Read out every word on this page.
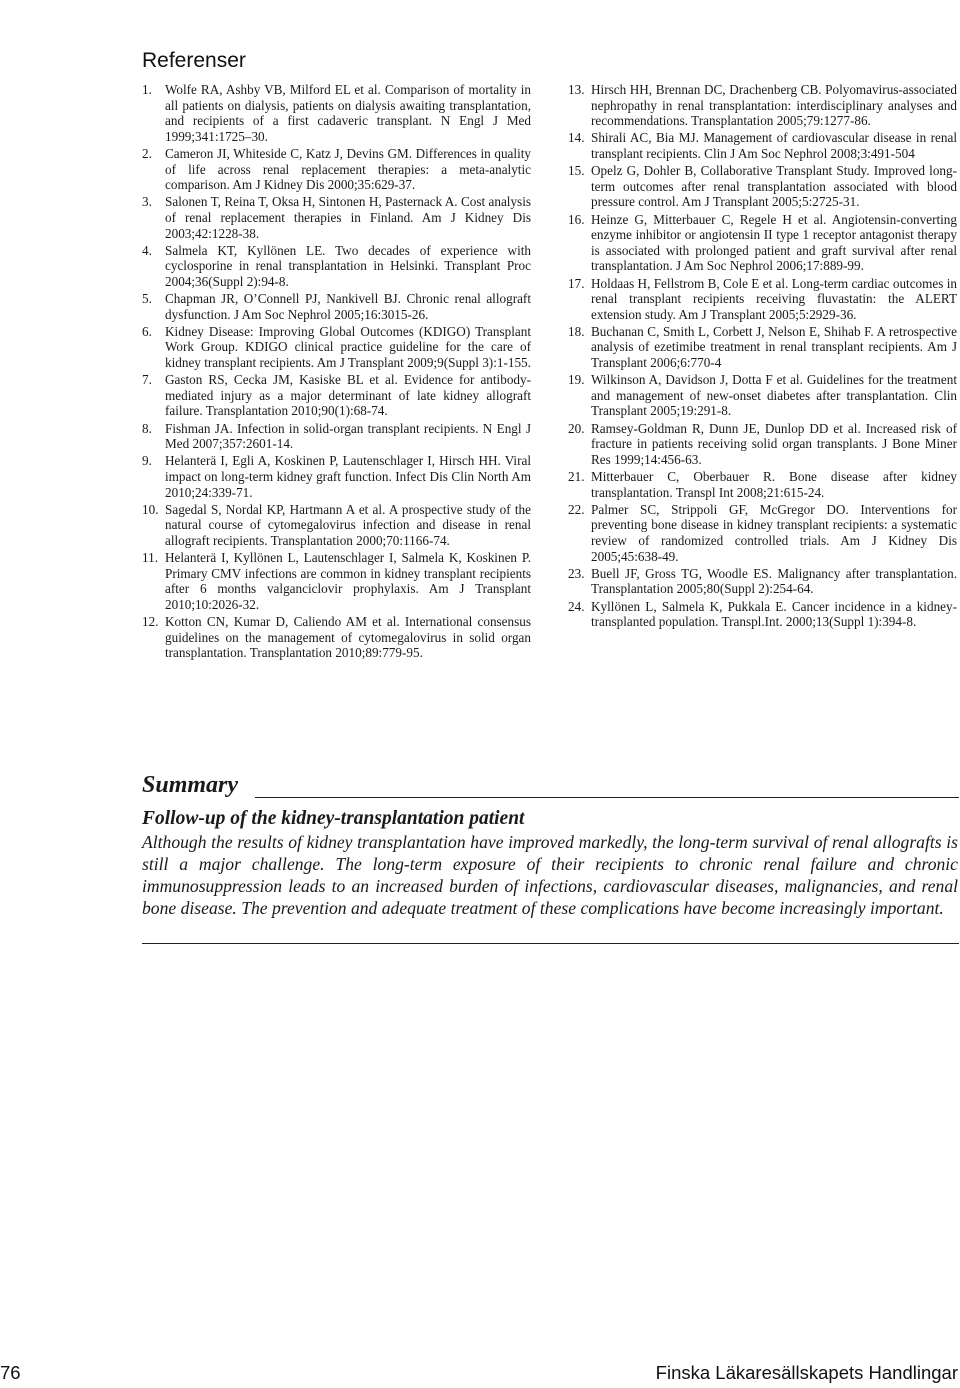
Referenser
1. Wolfe RA, Ashby VB, Milford EL et al. Comparison of mortality in all patients on dialysis, patients on dialysis awaiting transplantation, and recipients of a first cadaveric transplant. N Engl J Med 1999;341:1725–30.
2. Cameron JI, Whiteside C, Katz J, Devins GM. Differences in quality of life across renal replacement therapies: a meta-analytic comparison. Am J Kidney Dis 2000;35:629-37.
3. Salonen T, Reina T, Oksa H, Sintonen H, Pasternack A. Cost analysis of renal replacement therapies in Finland. Am J Kidney Dis 2003;42:1228-38.
4. Salmela KT, Kyllönen LE. Two decades of experience with cyclosporine in renal transplantation in Helsinki. Transplant Proc 2004;36(Suppl 2):94-8.
5. Chapman JR, O’Connell PJ, Nankivell BJ. Chronic renal allograft dysfunction. J Am Soc Nephrol 2005;16:3015-26.
6. Kidney Disease: Improving Global Outcomes (KDIGO) Transplant Work Group. KDIGO clinical practice guideline for the care of kidney transplant recipients. Am J Transplant 2009;9(Suppl 3):1-155.
7. Gaston RS, Cecka JM, Kasiske BL et al. Evidence for antibody-mediated injury as a major determinant of late kidney allograft failure. Transplantation 2010;90(1):68-74.
8. Fishman JA. Infection in solid-organ transplant recipients. N Engl J Med 2007;357:2601-14.
9. Helanterä I, Egli A, Koskinen P, Lautenschlager I, Hirsch HH. Viral impact on long-term kidney graft function. Infect Dis Clin North Am 2010;24:339-71.
10. Sagedal S, Nordal KP, Hartmann A et al. A prospective study of the natural course of cytomegalovirus infection and disease in renal allograft recipients. Transplantation 2000;70:1166-74.
11. Helanterä I, Kyllönen L, Lautenschlager I, Salmela K, Koskinen P. Primary CMV infections are common in kidney transplant recipients after 6 months valganciclovir prophylaxis. Am J Transplant 2010;10:2026-32.
12. Kotton CN, Kumar D, Caliendo AM et al. International consensus guidelines on the management of cytomegalovirus in solid organ transplantation. Transplantation 2010;89:779-95.
13. Hirsch HH, Brennan DC, Drachenberg CB. Polyomavirus-associated nephropathy in renal transplantation: interdisciplinary analyses and recommendations. Transplantation 2005;79:1277-86.
14. Shirali AC, Bia MJ. Management of cardiovascular disease in renal transplant recipients. Clin J Am Soc Nephrol 2008;3:491-504
15. Opelz G, Dohler B, Collaborative Transplant Study. Improved long-term outcomes after renal transplantation associated with blood pressure control. Am J Transplant 2005;5:2725-31.
16. Heinze G, Mitterbauer C, Regele H et al. Angiotensin-converting enzyme inhibitor or angiotensin II type 1 receptor antagonist therapy is associated with prolonged patient and graft survival after renal transplantation. J Am Soc Nephrol 2006;17:889-99.
17. Holdaas H, Fellstrom B, Cole E et al. Long-term cardiac outcomes in renal transplant recipients receiving fluvastatin: the ALERT extension study. Am J Transplant 2005;5:2929-36.
18. Buchanan C, Smith L, Corbett J, Nelson E, Shihab F. A retrospective analysis of ezetimibe treatment in renal transplant recipients. Am J Transplant 2006;6:770-4
19. Wilkinson A, Davidson J, Dotta F et al. Guidelines for the treatment and management of new-onset diabetes after transplantation. Clin Transplant 2005;19:291-8.
20. Ramsey-Goldman R, Dunn JE, Dunlop DD et al. Increased risk of fracture in patients receiving solid organ transplants. J Bone Miner Res 1999;14:456-63.
21. Mitterbauer C, Oberbauer R. Bone disease after kidney transplantation. Transpl Int 2008;21:615-24.
22. Palmer SC, Strippoli GF, McGregor DO. Interventions for preventing bone disease in kidney transplant recipients: a systematic review of randomized controlled trials. Am J Kidney Dis 2005;45:638-49.
23. Buell JF, Gross TG, Woodle ES. Malignancy after transplantation. Transplantation 2005;80(Suppl 2):254-64.
24. Kyllönen L, Salmela K, Pukkala E. Cancer incidence in a kidney-transplanted population. Transpl.Int. 2000;13(Suppl 1):394-8.
Summary
Follow-up of the kidney-transplantation patient

Although the results of kidney transplantation have improved markedly, the long-term survival of renal allografts is still a major challenge. The long-term exposure of their recipients to chronic renal failure and chronic immunosuppression leads to an increased burden of infections, cardiovascular diseases, malignancies, and renal bone disease. The prevention and adequate treatment of these complications have become increasingly important.

76	Finska Läkaresällskapets Handlingar
